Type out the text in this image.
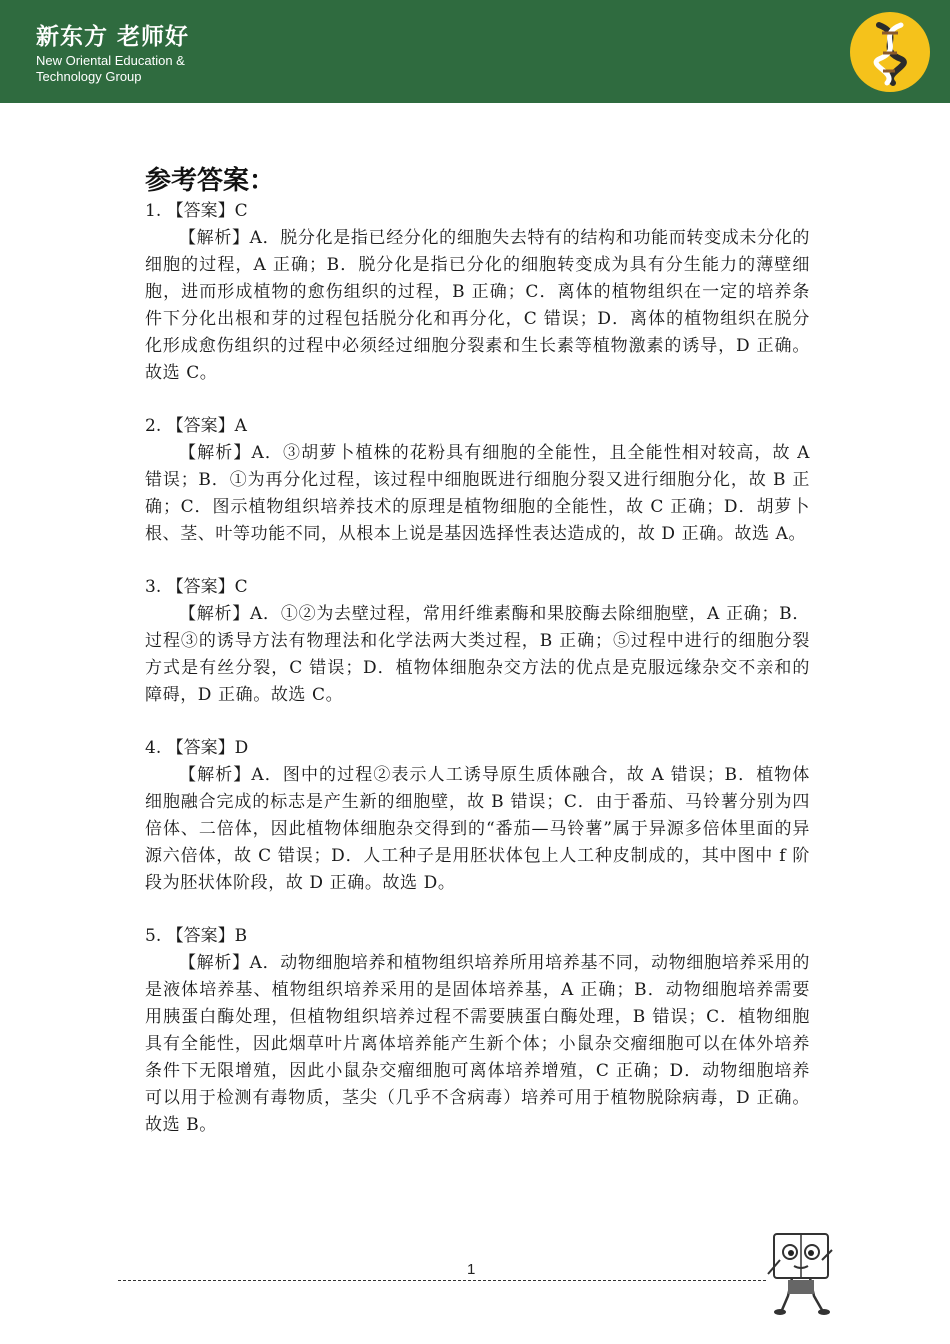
新东方 老师好
New Oriental Education & Technology Group
参考答案：
1. 【答案】C
【解析】A．脱分化是指已经分化的细胞失去特有的结构和功能而转变成未分化的细胞的过程，A 正确；B．脱分化是指已分化的细胞转变成为具有分生能力的薄壁细胞，进而形成植物的愈伤组织的过程，B 正确；C．离体的植物组织在一定的培养条件下分化出根和芽的过程包括脱分化和再分化，C 错误；D．离体的植物组织在脱分化形成愈伤组织的过程中必须经过细胞分裂素和生长素等植物激素的诱导，D 正确。故选 C。
2. 【答案】A
【解析】A．③胡萝卜植株的花粉具有细胞的全能性，且全能性相对较高，故 A 错误；B．①为再分化过程，该过程中细胞既进行细胞分裂又进行细胞分化，故 B 正确；C．图示植物组织培养技术的原理是植物细胞的全能性，故 C 正确；D．胡萝卜根、茎、叶等功能不同，从根本上说是基因选择性表达造成的，故 D 正确。故选 A。
3. 【答案】C
【解析】A．①②为去壁过程，常用纤维素酶和果胶酶去除细胞壁，A 正确；B．过程③的诱导方法有物理法和化学法两大类过程，B 正确；⑤过程中进行的细胞分裂方式是有丝分裂，C 错误；D．植物体细胞杂交方法的优点是克服远缘杂交不亲和的障碍，D 正确。故选 C。
4. 【答案】D
【解析】A．图中的过程②表示人工诱导原生质体融合，故 A 错误；B．植物体细胞融合完成的标志是产生新的细胞壁，故 B 错误；C．由于番茄、马铃薯分别为四倍体、二倍体，因此植物体细胞杂交得到的“番茄—马铃薯”属于异源多倍体里面的异源六倍体，故 C 错误；D．人工种子是用胚状体包上人工种皮制成的，其中图中 f 阶段为胚状体阶段，故 D 正确。故选 D。
5. 【答案】B
【解析】A．动物细胞培养和植物组织培养所用培养基不同，动物细胞培养采用的是液体培养基、植物组织培养采用的是固体培养基，A 正确；B．动物细胞培养需要用胰蛋白酶处理，但植物组织培养过程不需要胰蛋白酶处理，B 错误；C．植物细胞具有全能性，因此烟草叶片离体培养能产生新个体；小鼠杂交瘤细胞可以在体外培养条件下无限增殖，因此小鼠杂交瘤细胞可离体培养增殖，C 正确；D．动物细胞培养可以用于检测有毒物质，茎尖（几乎不含病毒）培养可用于植物脱除病毒，D 正确。故选 B。
1
